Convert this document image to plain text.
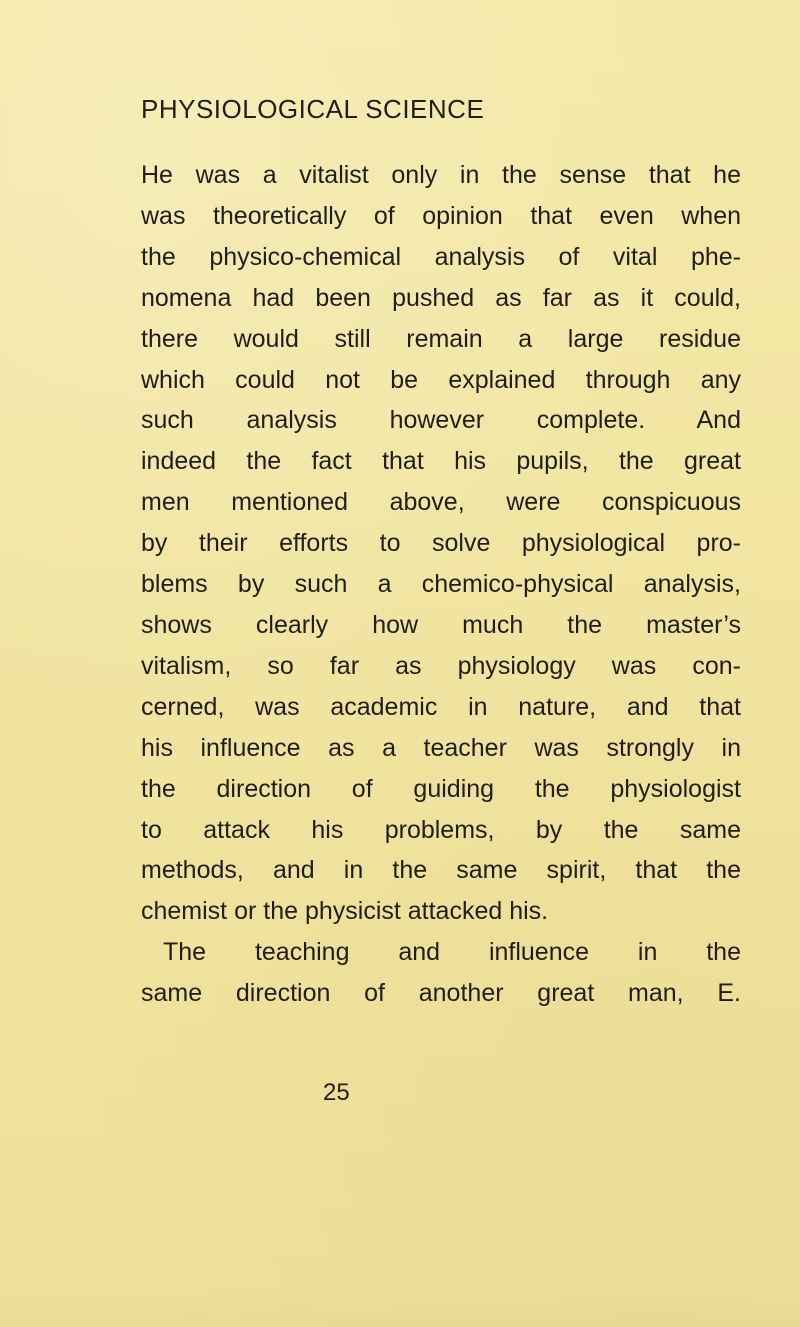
PHYSIOLOGICAL SCIENCE
He was a vitalist only in the sense that he
was theoretically of opinion that even when
the physico-chemical analysis of vital phe-
nomena had been pushed as far as it could,
there would still remain a large residue
which could not be explained through any
such analysis however complete. And
indeed the fact that his pupils, the great
men mentioned above, were conspicuous
by their efforts to solve physiological pro-
blems by such a chemico-physical analysis,
shows clearly how much the master’s
vitalism, so far as physiology was con-
cerned, was academic in nature, and that
his influence as a teacher was strongly in
the direction of guiding the physiologist
to attack his problems, by the same
methods, and in the same spirit, that the
chemist or the physicist attacked his.
The teaching and influence in the
same direction of another great man, E.
25
